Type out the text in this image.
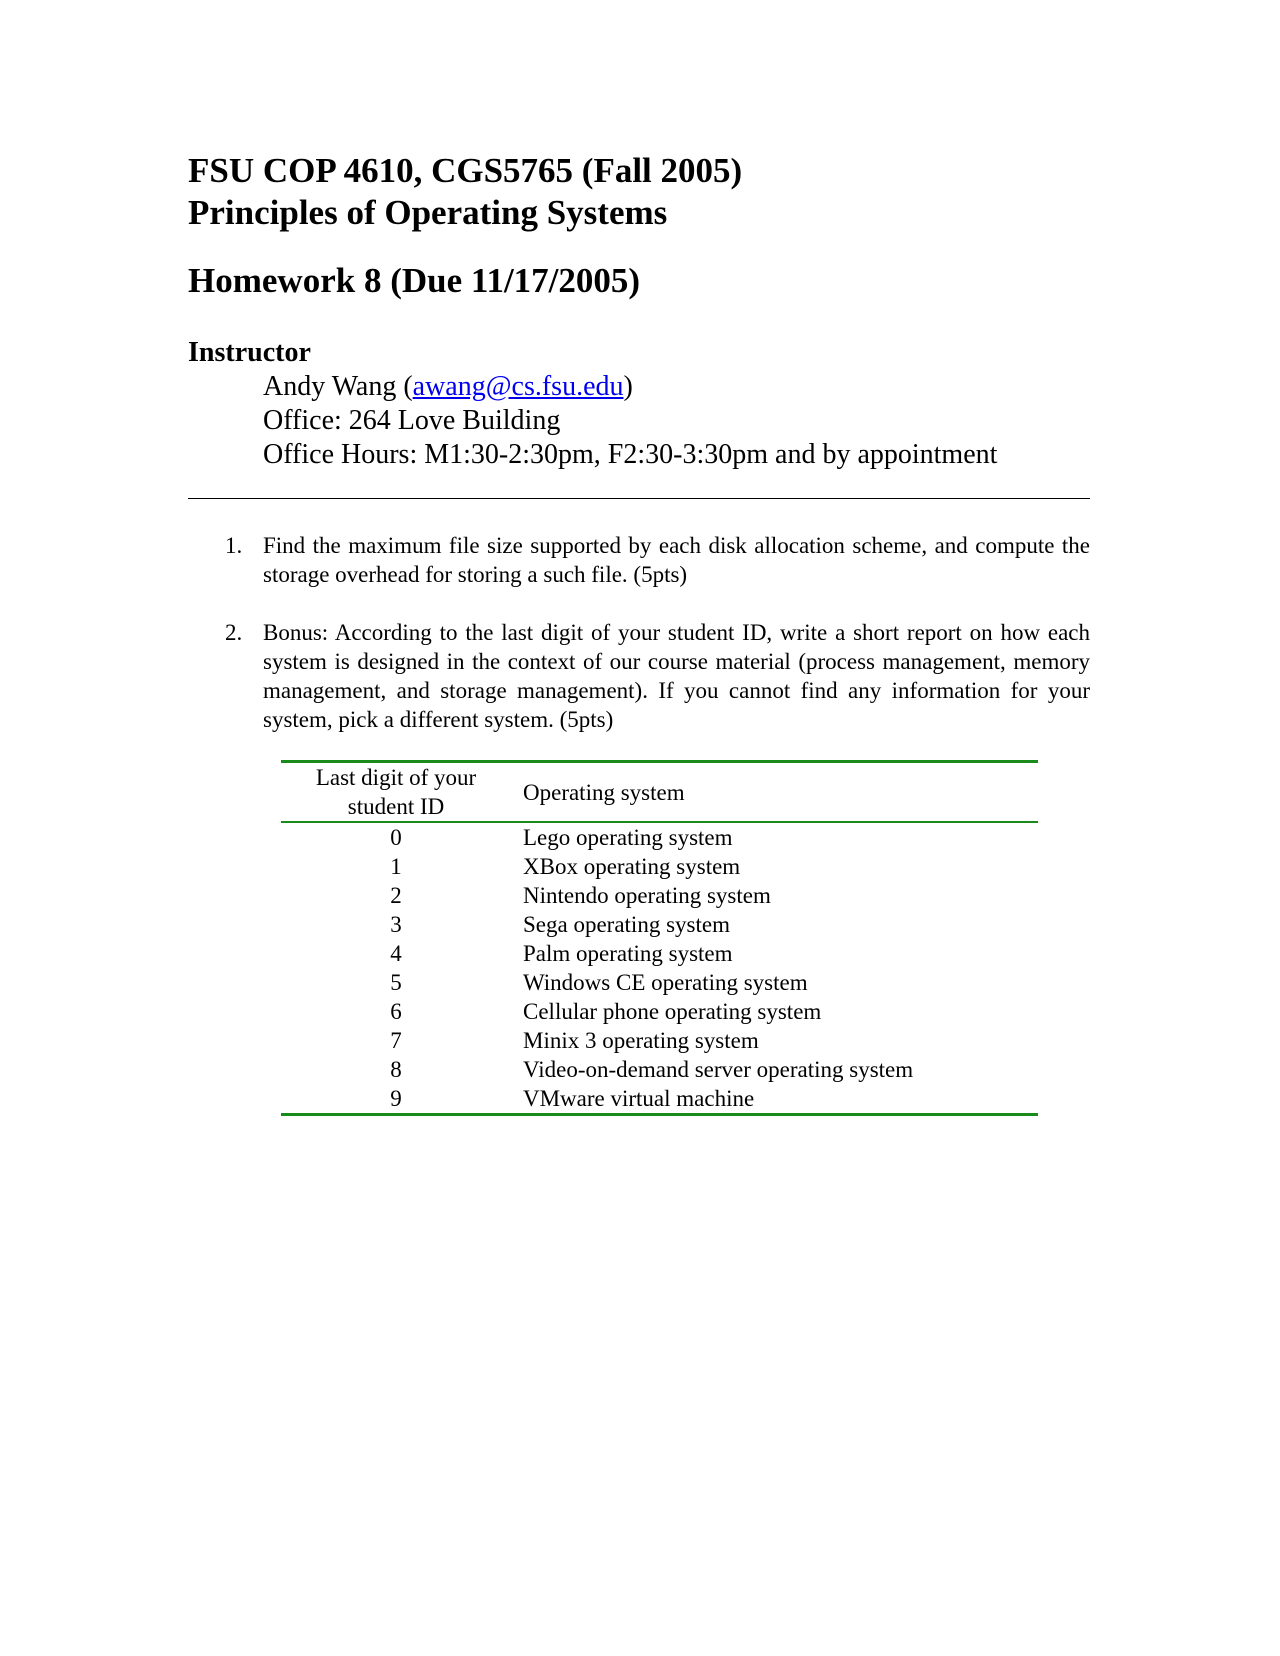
FSU COP 4610, CGS5765 (Fall 2005)
Principles of Operating Systems
Homework 8 (Due 11/17/2005)
Instructor
Andy Wang (awang@cs.fsu.edu)
Office: 264 Love Building
Office Hours: M1:30-2:30pm, F2:30-3:30pm and by appointment
1. Find the maximum file size supported by each disk allocation scheme, and compute the storage overhead for storing a such file. (5pts)
2. Bonus: According to the last digit of your student ID, write a short report on how each system is designed in the context of our course material (process management, memory management, and storage management). If you cannot find any information for your system, pick a different system. (5pts)
Last digit of your student ID	Operating system
0	Lego operating system
1	XBox operating system
2	Nintendo operating system
3	Sega operating system
4	Palm operating system
5	Windows CE operating system
6	Cellular phone operating system
7	Minix 3 operating system
8	Video-on-demand server operating system
9	VMware virtual machine
